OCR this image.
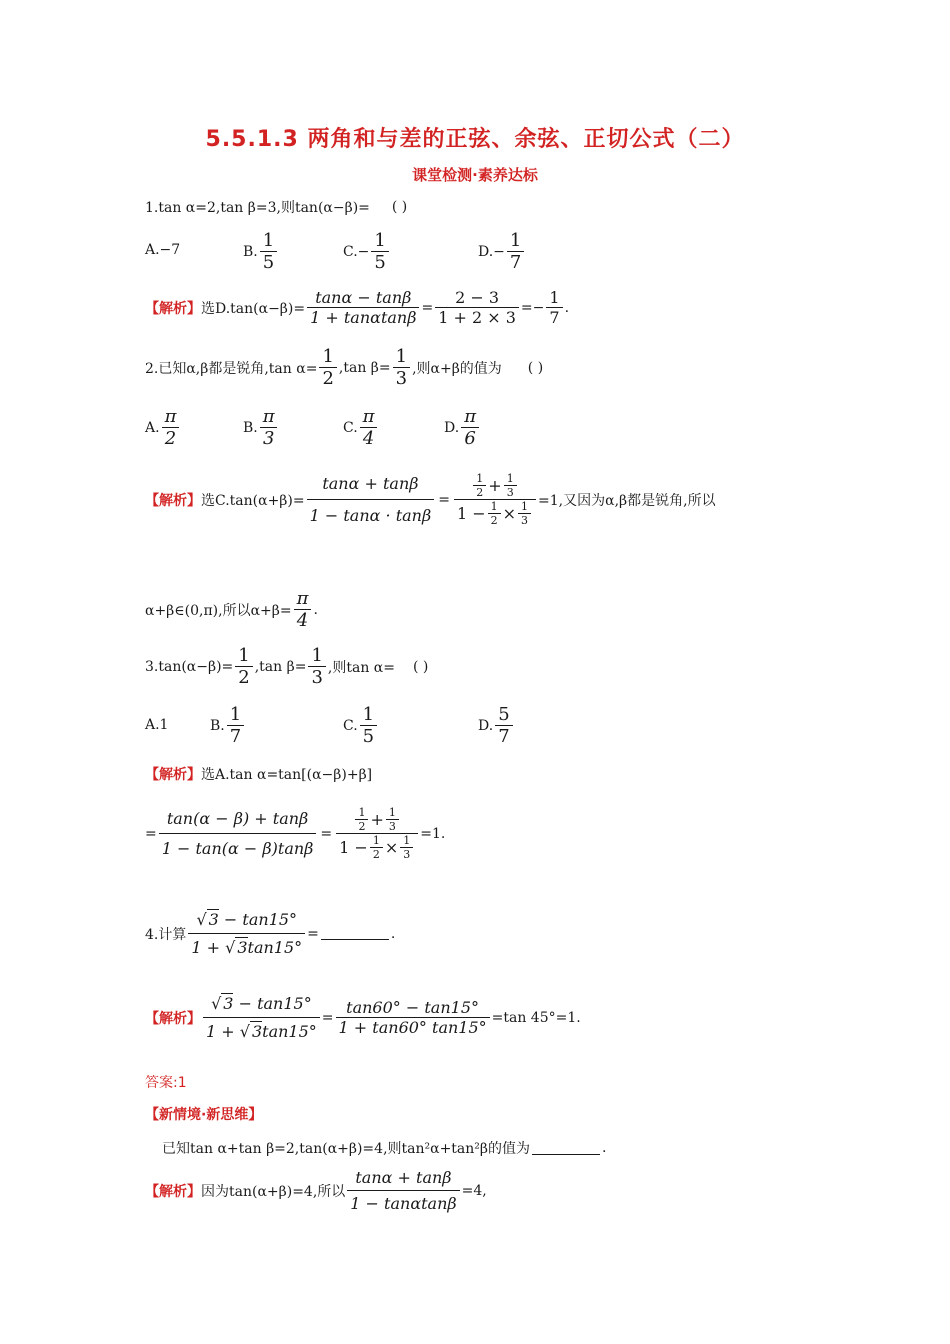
5.5.1.3 两角和与差的正弦、余弦、正切公式（二）
课堂检测·素养达标
1.tan α=2,tan β=3,则tan(α−β)= ( )
A.−7	B. $\frac{1}{5}$	$C.- \frac{1}{5}$	$D.- \frac{1}{7}$
【解析】 选$D.\tan(\alpha-\beta)= \frac{\tan\alpha - \tan\beta}{1 + \tan\alpha\tan\beta} = \frac{2 - 3}{1 + 2 \times 3} =- \frac{1}{7}$ .
2.已知α,β都是锐角,tan $\alpha= \frac{1}{2} ,\tan$ $\beta= \frac{1}{3}$ ,则α+β的值为 ( )
A. $\frac{\pi}{2}$	B. $\frac{\pi}{3}$	C. $\frac{\pi}{4}$	D. $\frac{\pi}{6}$
【解析】 选$C.\tan(\alpha+\beta)= \frac{\tan\alpha + \tan\beta}{1 - \tan\alpha \cdot \tan\beta} = \frac{\frac{1}{2} + \frac{1}{3}}{1 - \frac{1}{2} \times \frac{1}{3}} =1$,又因为α,β都是锐角,所以
α+β∈(0,π),所以$\alpha+\beta= \frac{\pi}{4}$ .
$3.\tan(\alpha-\beta)= \frac{1}{2} ,\tan$ $\beta= \frac{1}{3}$ ,则tan α= ( )
A.1	B. $\frac{1}{7}$	C. $\frac{1}{5}$	D. $\frac{5}{7}$
【解析】 选A.tan α=tan[(α−β)+β]
= $\frac{\tan(\alpha - \beta) + \tan\beta}{1 - \tan(\alpha - \beta)\tan\beta} = \frac{\frac{1}{2} + \frac{1}{3}}{1 - \frac{1}{2} \times \frac{1}{3}} =1$.
4.计算 $\frac{√ 3 - \tan 15^\circ}{1 + √ 3\tan 15^\circ}$ =	.
【解析】 $\frac{√ 3 - \tan 15^\circ}{1 + √ 3\tan 15^\circ} = \frac{\tan 60^\circ - \tan 15^\circ}{1 + \tan 60^\circ \tan 15^\circ} =\tan$ 45°=1.
答案:1
【新情境·新思维】
已知tan α+tan β=2,tan(α+β)=4,则tan²α+tan²β的值为	.
【解析】 因为tan(α+β)=4,所以 $\frac{\tan\alpha + \tan\beta}{1 - \tan\alpha\tan\beta} =4$,
